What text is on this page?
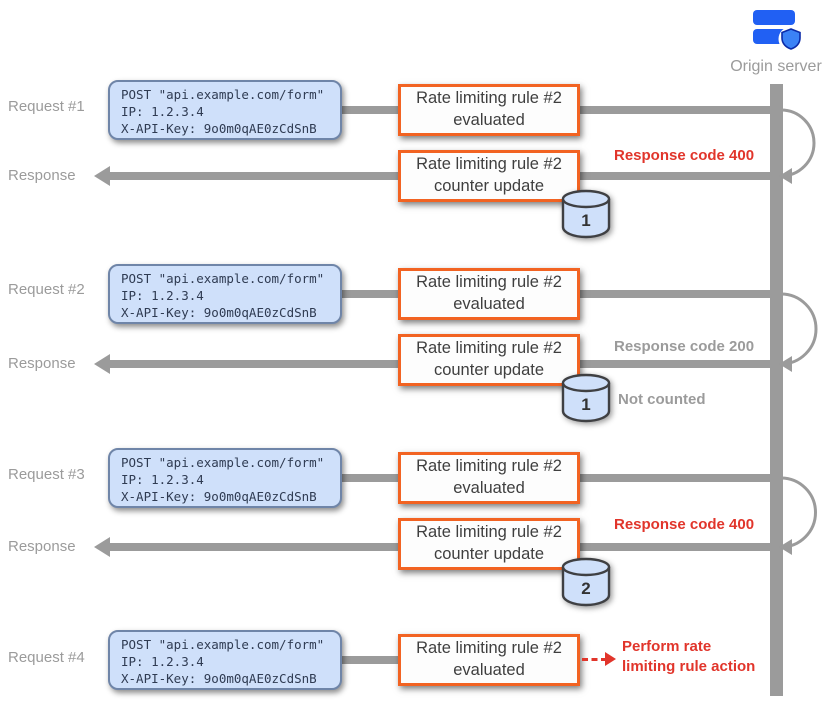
Origin server
Request #1
POST "api.example.com/form"
IP: 1.2.3.4
X-API-Key: 9o0m0qAE0zCdSnB
Rate limiting rule #2
evaluated
Response
Rate limiting rule #2
counter update
Response code 400
1
Request #2
POST "api.example.com/form"
IP: 1.2.3.4
X-API-Key: 9o0m0qAE0zCdSnB
Rate limiting rule #2
evaluated
Response
Rate limiting rule #2
counter update
Response code 200
Not counted
1
Request #3
POST "api.example.com/form"
IP: 1.2.3.4
X-API-Key: 9o0m0qAE0zCdSnB
Rate limiting rule #2
evaluated
Response
Rate limiting rule #2
counter update
Response code 400
2
Request #4
POST "api.example.com/form"
IP: 1.2.3.4
X-API-Key: 9o0m0qAE0zCdSnB
Rate limiting rule #2
evaluated
Perform rate
limiting rule action
